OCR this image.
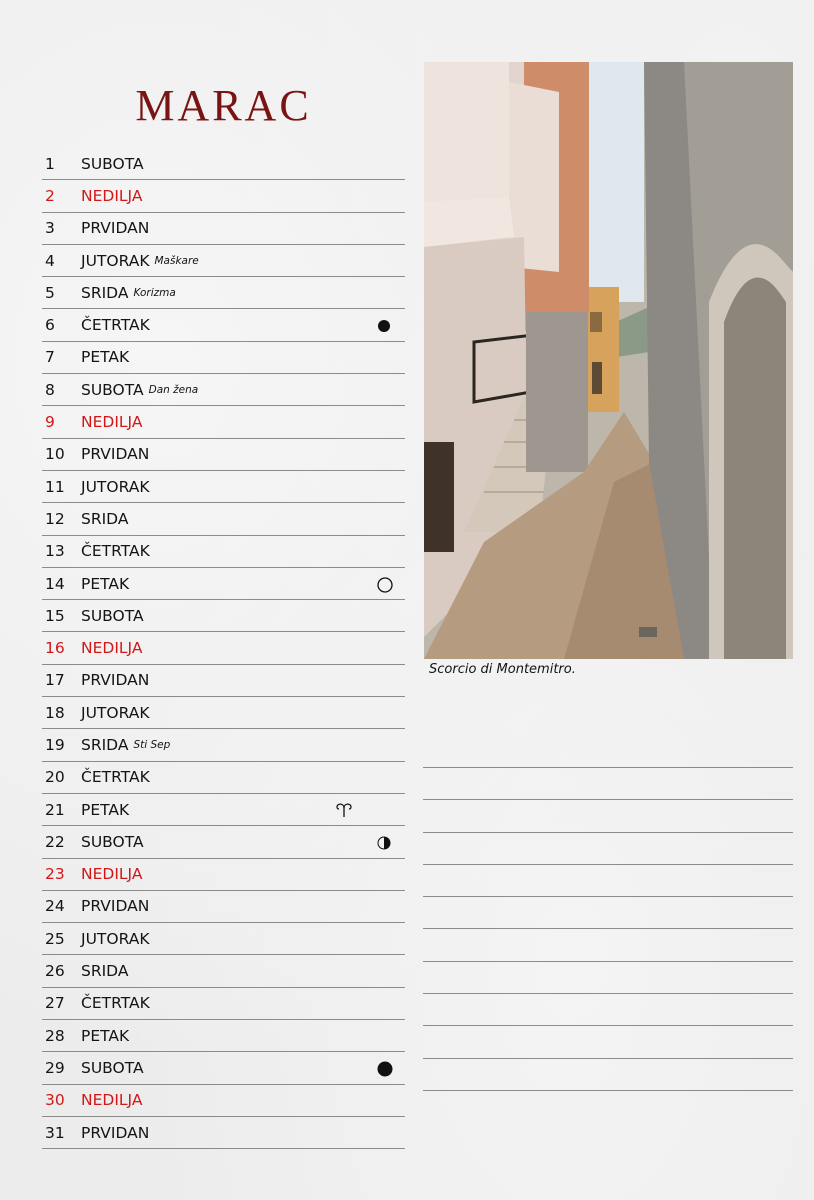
MARAC
1	SUBOTA
2	NEDILJA
3	PRVIDAN
4	JUTORAK Maškare
5	SRIDA Korizma
6	ČETRTAK
7	PETAK
8	SUBOTA Dan žena
9	NEDILJA
10	PRVIDAN
11	JUTORAK
12	SRIDA
13	ČETRTAK
14	PETAK
15	SUBOTA
16	NEDILJA
17	PRVIDAN
18	JUTORAK
19	SRIDA Sti Sep
20	ČETRTAK
21	PETAK
22	SUBOTA
23	NEDILJA
24	PRVIDAN
25	JUTORAK
26	SRIDA
27	ČETRTAK
28	PETAK
29	SUBOTA
30	NEDILJA
31	PRVIDAN
Scorcio di Montemitro.
